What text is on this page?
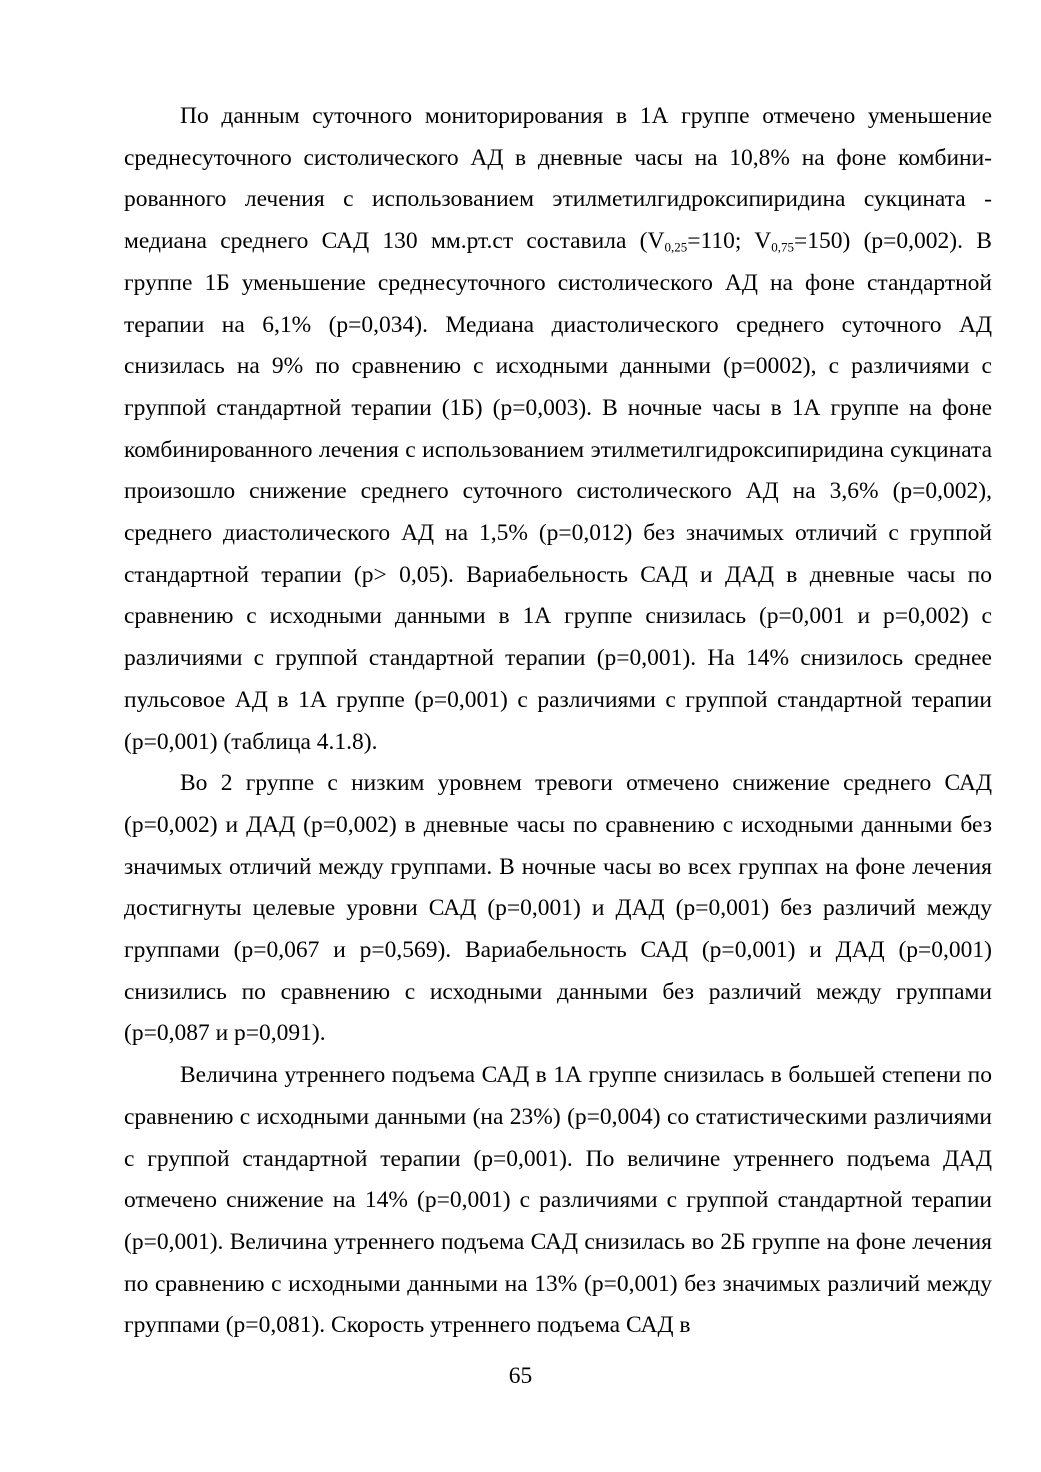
По данным суточного мониторирования в 1А группе отмечено уменьшение среднесуточного систолического АД в дневные часы на 10,8% на фоне комбинированного лечения с использованием этилметилгидроксипиридина сукцината - медиана среднего САД 130 мм.рт.ст составила ($V_{0,25}=110$; $V_{0,75}=150$) (p=0,002). В группе 1Б уменьшение среднесуточного систолического АД на фоне стандартной терапии на 6,1% (p=0,034). Медиана диастолического среднего суточного АД снизилась на 9% по сравнению с исходными данными (p=0002), с различиями с группой стандартной терапии (1Б) (p=0,003). В ночные часы в 1А группе на фоне комбинированного лечения с использованием этилметилгидроксипиридина сукцината произошло снижение среднего суточного систолического АД на 3,6% (p=0,002), среднего диастолического АД на 1,5% (p=0,012) без значимых отличий с группой стандартной терапии (p> 0,05). Вариабельность САД и ДАД в дневные часы по сравнению с исходными данными в 1А группе снизилась (p=0,001 и p=0,002) с различиями с группой стандартной терапии (p=0,001). На 14% снизилось среднее пульсовое АД в 1А группе (p=0,001) с различиями с группой стандартной терапии (p=0,001) (таблица 4.1.8).

Во 2 группе с низким уровнем тревоги отмечено снижение среднего САД (p=0,002) и ДАД (p=0,002) в дневные часы по сравнению с исходными данными без значимых отличий между группами. В ночные часы во всех группах на фоне лечения достигнуты целевые уровни САД (p=0,001) и ДАД (p=0,001) без различий между группами (p=0,067 и p=0,569). Вариабельность САД (p=0,001) и ДАД (p=0,001) снизились по сравнению с исходными данными без различий между группами (p=0,087 и p=0,091).

Величина утреннего подъема САД в 1А группе снизилась в большей степени по сравнению с исходными данными (на 23%) (p=0,004) со статистическими различиями с группой стандартной терапии (p=0,001). По величине утреннего подъема ДАД отмечено снижение на 14% (p=0,001) с различиями с группой стандартной терапии (p=0,001). Величина утреннего подъема САД снизилась во 2Б группе на фоне лечения по сравнению с исходными данными на 13% (p=0,001) без значимых различий между группами (p=0,081). Скорость утреннего подъема САД в

65
